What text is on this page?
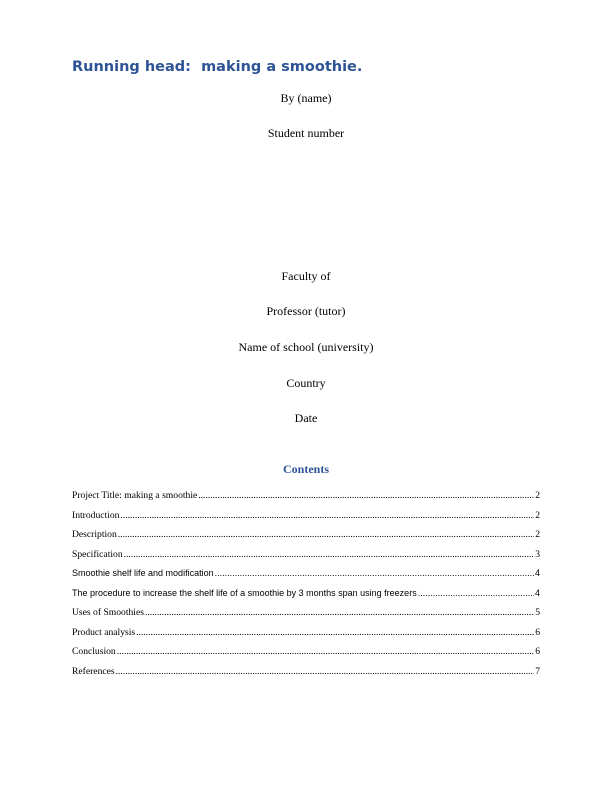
Running head:  making a smoothie.

By (name)

Student number

Faculty of

Professor (tutor)

Name of school (university)

Country

Date

Contents
Project Title: making a smoothie .....	2
Introduction .....	2
Description .....	2
Specification .....	3
Smoothie shelf life and modification .....	4
The procedure to increase the shelf life of a smoothie by 3 months span using freezers .....	4
Uses of Smoothies .....	5
Product analysis .....	6
Conclusion .....	6
References .....	7
